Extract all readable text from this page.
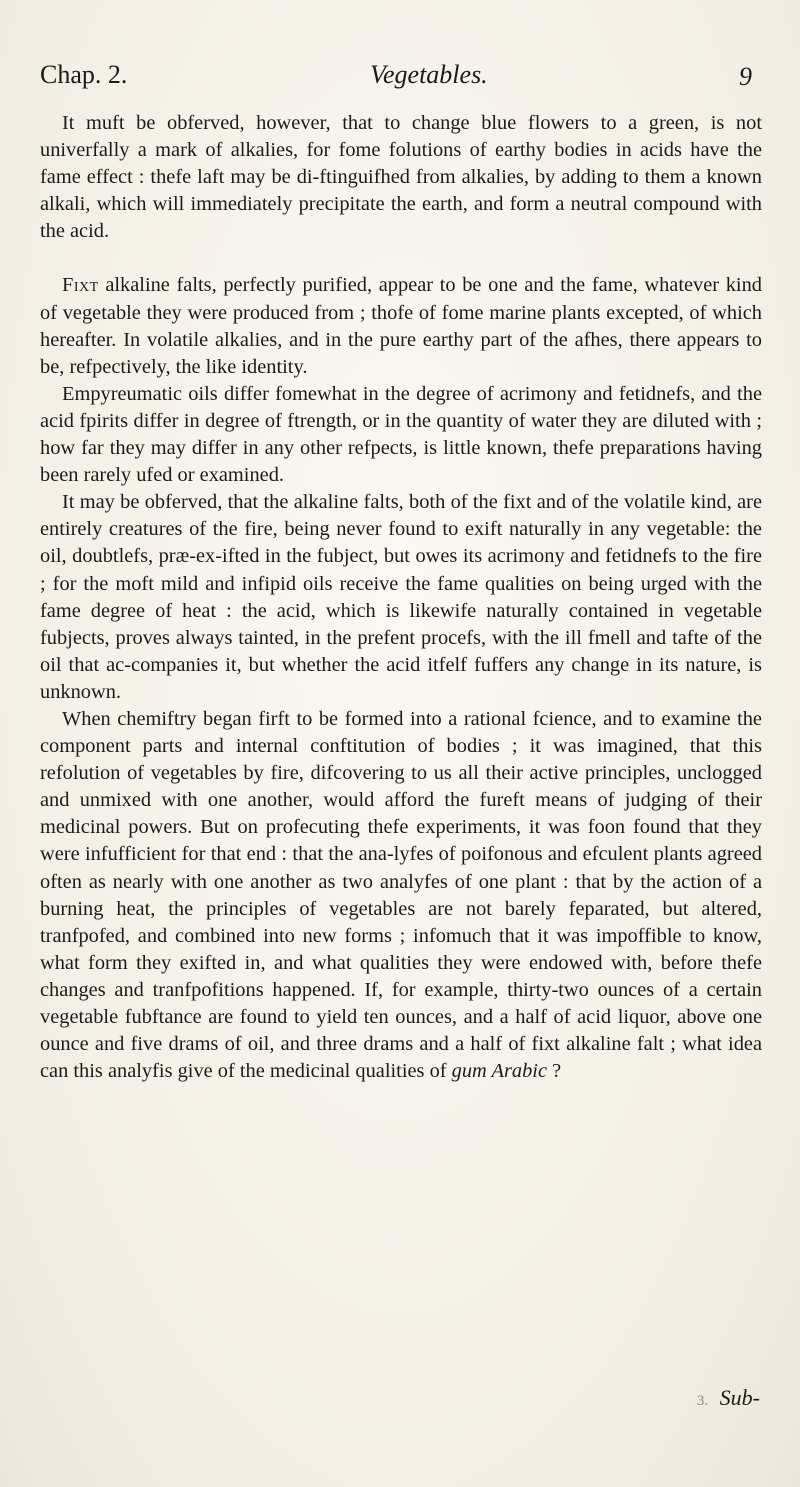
Chap. 2.	Vegetables.	9

It muft be obferved, however, that to change blue flowers to a green, is not univerfally a mark of alkalies, for fome folutions of earthy bodies in acids have the fame effect : thefe laft may be di-ftinguifhed from alkalies, by adding to them a known alkali, which will immediately precipitate the earth, and form a neutral compound with the acid.

Fixt alkaline falts, perfectly purified, appear to be one and the fame, whatever kind of vegetable they were produced from ; thofe of fome marine plants excepted, of which hereafter. In volatile alkalies, and in the pure earthy part of the afhes, there appears to be, refpectively, the like identity.

Empyreumatic oils differ fomewhat in the degree of acrimony and fetidnefs, and the acid fpirits differ in degree of ftrength, or in the quantity of water they are diluted with ; how far they may differ in any other refpects, is little known, thefe preparations having been rarely ufed or examined.

It may be obferved, that the alkaline falts, both of the fixt and of the volatile kind, are entirely creatures of the fire, being never found to exift naturally in any vegetable: the oil, doubtlefs, præ-ex-ifted in the fubject, but owes its acrimony and fetidnefs to the fire ; for the moft mild and infipid oils receive the fame qualities on being urged with the fame degree of heat : the acid, which is likewife naturally contained in vegetable fubjects, proves always tainted, in the prefent procefs, with the ill fmell and tafte of the oil that ac-companies it, but whether the acid itfelf fuffers any change in its nature, is unknown.

When chemiftry began firft to be formed into a rational fcience, and to examine the component parts and internal conftitution of bodies ; it was imagined, that this refolution of vegetables by fire, difcovering to us all their active principles, unclogged and unmixed with one another, would afford the fureft means of judging of their medicinal powers. But on profecuting thefe experiments, it was foon found that they were infufficient for that end : that the ana-lyfes of poifonous and efculent plants agreed often as nearly with one another as two analyfes of one plant : that by the action of a burning heat, the principles of vegetables are not barely feparated, but altered, tranfpofed, and combined into new forms ; infomuch that it was impoffible to know, what form they exifted in, and what qualities they were endowed with, before thefe changes and tranfpofitions happened. If, for example, thirty-two ounces of a certain vegetable fubftance are found to yield ten ounces, and a half of acid liquor, above one ounce and five drams of oil, and three drams and a half of fixt alkaline falt ; what idea can this analyfis give of the medicinal qualities of gum Arabic ?

3. Sub-
